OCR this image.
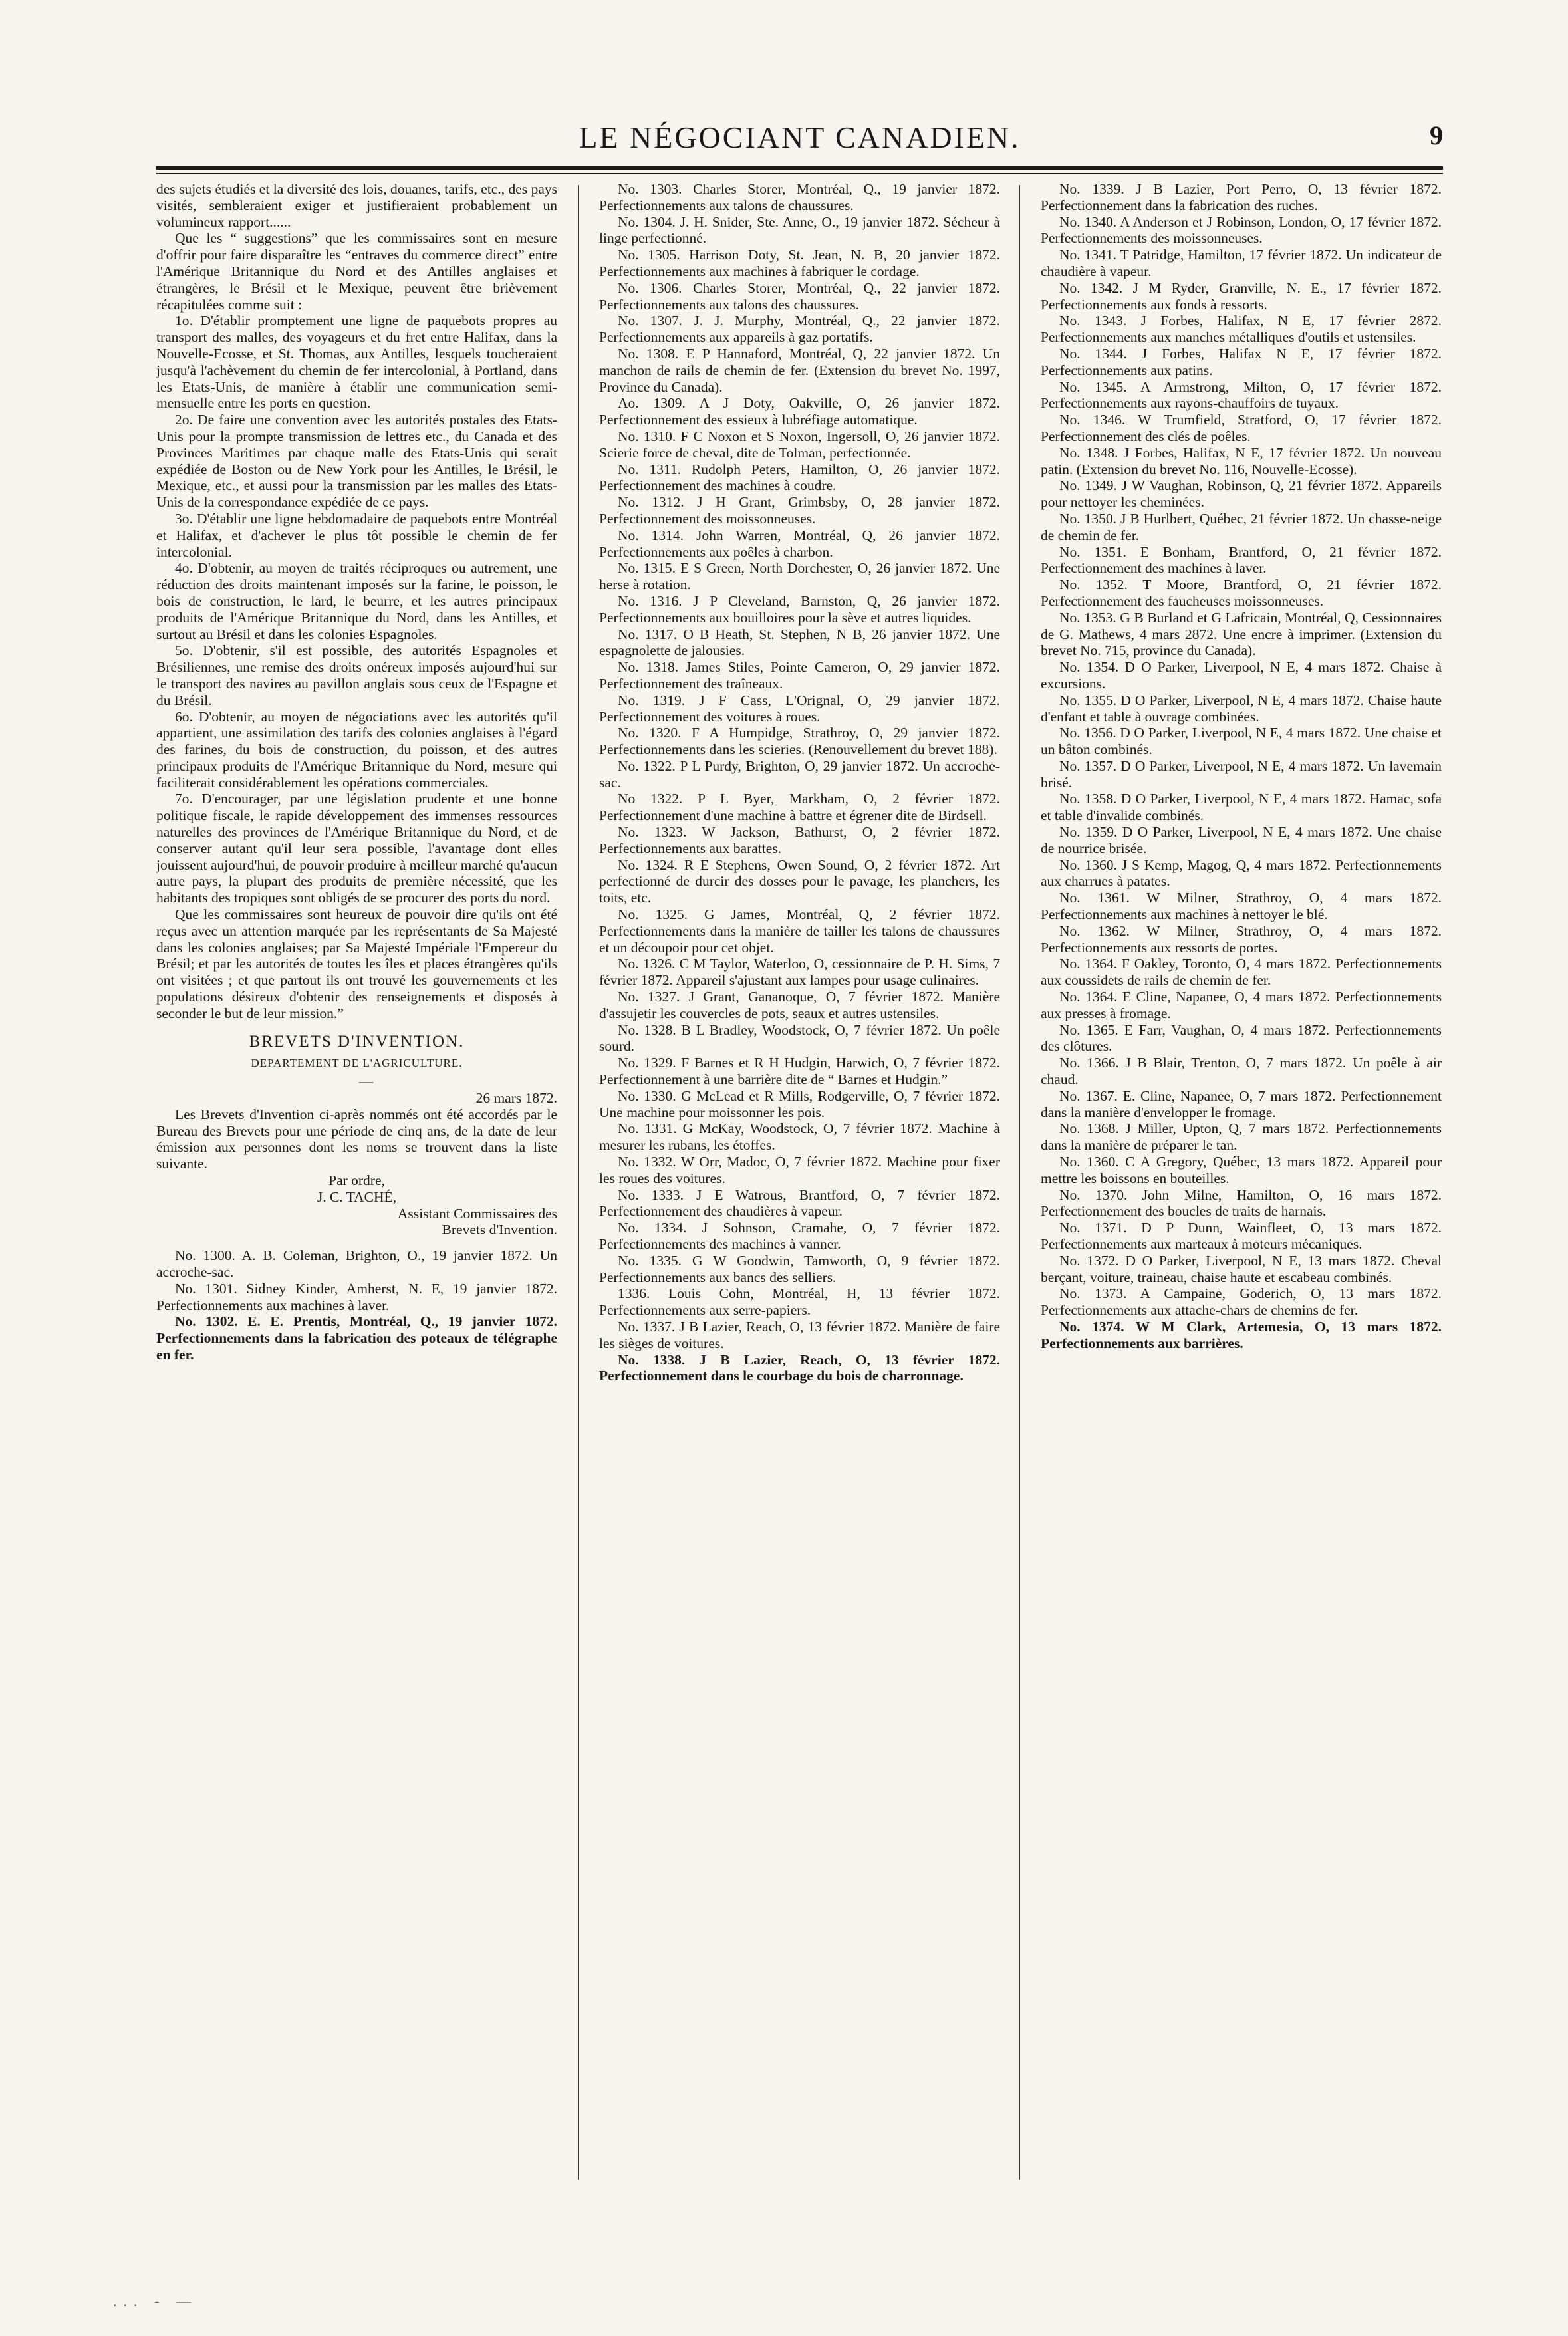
LE NÉGOCIANT CANADIEN.	9

des sujets étudiés et la diversité des lois, douanes, tarifs, etc., des pays visités, sembleraient exiger et justifieraient probablement un volumineux rapport......

Que les “ suggestions” que les commissaires sont en mesure d'offrir pour faire disparaître les “entraves du commerce direct” entre l'Amérique Britannique du Nord et des Antilles anglaises et étrangères, le Brésil et le Mexique, peuvent être brièvement récapitulées comme suit :

1o. D'établir promptement une ligne de paquebots propres au transport des malles, des voyageurs et du fret entre Halifax, dans la Nouvelle-Ecosse, et St. Thomas, aux Antilles, lesquels toucheraient jusqu'à l'achèvement du chemin de fer intercolonial, à Portland, dans les Etats-Unis, de manière à établir une communication semi-mensuelle entre les ports en question.

2o. De faire une convention avec les autorités postales des Etats-Unis pour la prompte transmission de lettres etc., du Canada et des Provinces Maritimes par chaque malle des Etats-Unis qui serait expédiée de Boston ou de New York pour les Antilles, le Brésil, le Mexique, etc., et aussi pour la transmission par les malles des Etats-Unis de la correspondance expédiée de ce pays.

3o. D'établir une ligne hebdomadaire de paquebots entre Montréal et Halifax, et d'achever le plus tôt possible le chemin de fer intercolonial.

4o. D'obtenir, au moyen de traités réciproques ou autrement, une réduction des droits maintenant imposés sur la farine, le poisson, le bois de construction, le lard, le beurre, et les autres principaux produits de l'Amérique Britannique du Nord, dans les Antilles, et surtout au Brésil et dans les colonies Espagnoles.

5o. D'obtenir, s'il est possible, des autorités Espagnoles et Brésiliennes, une remise des droits onéreux imposés aujourd'hui sur le transport des navires au pavillon anglais sous ceux de l'Espagne et du Brésil.

6o. D'obtenir, au moyen de négociations avec les autorités qu'il appartient, une assimilation des tarifs des colonies anglaises à l'égard des farines, du bois de construction, du poisson, et des autres principaux produits de l'Amérique Britannique du Nord, mesure qui faciliterait considérablement les opérations commerciales.

7o. D'encourager, par une législation prudente et une bonne politique fiscale, le rapide développement des immenses ressources naturelles des provinces de l'Amérique Britannique du Nord, et de conserver autant qu'il leur sera possible, l'avantage dont elles jouissent aujourd'hui, de pouvoir produire à meilleur marché qu'aucun autre pays, la plupart des produits de première nécessité, que les habitants des tropiques sont obligés de se procurer des ports du nord.

Que les commissaires sont heureux de pouvoir dire qu'ils ont été reçus avec un attention marquée par les représentants de Sa Majesté dans les colonies anglaises; par Sa Majesté Impériale l'Empereur du Brésil; et par les autorités de toutes les îles et places étrangères qu'ils ont visitées ; et que partout ils ont trouvé les gouvernements et les populations désireux d'obtenir des renseignements et disposés à seconder le but de leur mission.”

BREVETS D'INVENTION.
DEPARTEMENT DE L'AGRICULTURE.

—

26 mars 1872.

Les Brevets d'Invention ci-après nommés ont été accordés par le Bureau des Brevets pour une période de cinq ans, de la date de leur émission aux personnes dont les noms se trouvent dans la liste suivante.

Par ordre,

J. C. TACHÉ,

Assistant Commissaires des

Brevets d'Invention.

No. 1300. A. B. Coleman, Brighton, O., 19 janvier 1872. Un accroche-sac.

No. 1301. Sidney Kinder, Amherst, N. E, 19 janvier 1872. Perfectionnements aux machines à laver.

No. 1302. E. E. Prentis, Montréal, Q., 19 janvier 1872. Perfectionnements dans la fabrication des poteaux de télégraphe en fer.

No. 1303. Charles Storer, Montréal, Q., 19 janvier 1872. Perfectionnements aux talons de chaussures.

No. 1304. J. H. Snider, Ste. Anne, O., 19 janvier 1872. Sécheur à linge perfectionné.

No. 1305. Harrison Doty, St. Jean, N. B, 20 janvier 1872. Perfectionnements aux machines à fabriquer le cordage.

No. 1306. Charles Storer, Montréal, Q., 22 janvier 1872. Perfectionnements aux talons des chaussures.

No. 1307. J. J. Murphy, Montréal, Q., 22 janvier 1872. Perfectionnements aux appareils à gaz portatifs.

No. 1308. E P Hannaford, Montréal, Q, 22 janvier 1872. Un manchon de rails de chemin de fer. (Extension du brevet No. 1997, Province du Canada).

Ao. 1309. A J Doty, Oakville, O, 26 janvier 1872. Perfectionnement des essieux à lubréfiage automatique.

No. 1310. F C Noxon et S Noxon, Ingersoll, O, 26 janvier 1872. Scierie force de cheval, dite de Tolman, perfectionnée.

No. 1311. Rudolph Peters, Hamilton, O, 26 janvier 1872. Perfectionnement des machines à coudre.

No. 1312. J H Grant, Grimbsby, O, 28 janvier 1872. Perfectionnement des moissonneuses.

No. 1314. John Warren, Montréal, Q, 26 janvier 1872. Perfectionnements aux poêles à charbon.

No. 1315. E S Green, North Dorchester, O, 26 janvier 1872. Une herse à rotation.

No. 1316. J P Cleveland, Barnston, Q, 26 janvier 1872. Perfectionnements aux bouilloires pour la sève et autres liquides.

No. 1317. O B Heath, St. Stephen, N B, 26 janvier 1872. Une espagnolette de jalousies.

No. 1318. James Stiles, Pointe Cameron, O, 29 janvier 1872. Perfectionnement des traîneaux.

No. 1319. J F Cass, L'Orignal, O, 29 janvier 1872. Perfectionnement des voitures à roues.

No. 1320. F A Humpidge, Strathroy, O, 29 janvier 1872. Perfectionnements dans les scieries. (Renouvellement du brevet 188).

No. 1322. P L Purdy, Brighton, O, 29 janvier 1872. Un accroche-sac.

No 1322. P L Byer, Markham, O, 2 février 1872. Perfectionnement d'une machine à battre et égrener dite de Birdsell.

No. 1323. W Jackson, Bathurst, O, 2 février 1872. Perfectionnements aux barattes.

No. 1324. R E Stephens, Owen Sound, O, 2 février 1872. Art perfectionné de durcir des dosses pour le pavage, les planchers, les toits, etc.

No. 1325. G James, Montréal, Q, 2 février 1872. Perfectionnements dans la manière de tailler les talons de chaussures et un découpoir pour cet objet.

No. 1326. C M Taylor, Waterloo, O, cessionnaire de P. H. Sims, 7 février 1872. Appareil s'ajustant aux lampes pour usage culinaires.

No. 1327. J Grant, Gananoque, O, 7 février 1872. Manière d'assujetir les couvercles de pots, seaux et autres ustensiles.

No. 1328. B L Bradley, Woodstock, O, 7 février 1872. Un poêle sourd.

No. 1329. F Barnes et R H Hudgin, Harwich, O, 7 février 1872. Perfectionnement à une barrière dite de “ Barnes et Hudgin.”

No. 1330. G McLead et R Mills, Rodgerville, O, 7 février 1872. Une machine pour moissonner les pois.

No. 1331. G McKay, Woodstock, O, 7 février 1872. Machine à mesurer les rubans, les étoffes.

No. 1332. W Orr, Madoc, O, 7 février 1872. Machine pour fixer les roues des voitures.

No. 1333. J E Watrous, Brantford, O, 7 février 1872. Perfectionnement des chaudières à vapeur.

No. 1334. J Sohnson, Cramahe, O, 7 février 1872. Perfectionnements des machines à vanner.

No. 1335. G W Goodwin, Tamworth, O, 9 février 1872. Perfectionnements aux bancs des selliers.

1336. Louis Cohn, Montréal, H, 13 février 1872. Perfectionnements aux serre-papiers.

No. 1337. J B Lazier, Reach, O, 13 février 1872. Manière de faire les sièges de voitures.

No. 1338. J B Lazier, Reach, O, 13 février 1872. Perfectionnement dans le courbage du bois de charronnage.

No. 1339. J B Lazier, Port Perro, O, 13 février 1872. Perfectionnement dans la fabrication des ruches.

No. 1340. A Anderson et J Robinson, London, O, 17 février 1872. Perfectionnements des moissonneuses.

No. 1341. T Patridge, Hamilton, 17 février 1872. Un indicateur de chaudière à vapeur.

No. 1342. J M Ryder, Granville, N. E., 17 février 1872. Perfectionnements aux fonds à ressorts.

No. 1343. J Forbes, Halifax, N E, 17 février 2872. Perfectionnements aux manches métalliques d'outils et ustensiles.

No. 1344. J Forbes, Halifax N E, 17 février 1872. Perfectionnements aux patins.

No. 1345. A Armstrong, Milton, O, 17 février 1872. Perfectionnements aux rayons-chauffoirs de tuyaux.

No. 1346. W Trumfield, Stratford, O, 17 février 1872. Perfectionnement des clés de poêles.

No. 1348. J Forbes, Halifax, N E, 17 février 1872. Un nouveau patin. (Extension du brevet No. 116, Nouvelle-Ecosse).

No. 1349. J W Vaughan, Robinson, Q, 21 février 1872. Appareils pour nettoyer les cheminées.

No. 1350. J B Hurlbert, Québec, 21 février 1872. Un chasse-neige de chemin de fer.

No. 1351. E Bonham, Brantford, O, 21 février 1872. Perfectionnement des machines à laver.

No. 1352. T Moore, Brantford, O, 21 février 1872. Perfectionnement des faucheuses moissonneuses.

No. 1353. G B Burland et G Lafricain, Montréal, Q, Cessionnaires de G. Mathews, 4 mars 2872. Une encre à imprimer. (Extension du brevet No. 715, province du Canada).

No. 1354. D O Parker, Liverpool, N E, 4 mars 1872. Chaise à excursions.

No. 1355. D O Parker, Liverpool, N E, 4 mars 1872. Chaise haute d'enfant et table à ouvrage combinées.

No. 1356. D O Parker, Liverpool, N E, 4 mars 1872. Une chaise et un bâton combinés.

No. 1357. D O Parker, Liverpool, N E, 4 mars 1872. Un lavemain brisé.

No. 1358. D O Parker, Liverpool, N E, 4 mars 1872. Hamac, sofa et table d'invalide combinés.

No. 1359. D O Parker, Liverpool, N E, 4 mars 1872. Une chaise de nourrice brisée.

No. 1360. J S Kemp, Magog, Q, 4 mars 1872. Perfectionnements aux charrues à patates.

No. 1361. W Milner, Strathroy, O, 4 mars 1872. Perfectionnements aux machines à nettoyer le blé.

No. 1362. W Milner, Strathroy, O, 4 mars 1872. Perfectionnements aux ressorts de portes.

No. 1364. F Oakley, Toronto, O, 4 mars 1872. Perfectionnements aux coussidets de rails de chemin de fer.

No. 1364. E Cline, Napanee, O, 4 mars 1872. Perfectionnements aux presses à fromage.

No. 1365. E Farr, Vaughan, O, 4 mars 1872. Perfectionnements des clôtures.

No. 1366. J B Blair, Trenton, O, 7 mars 1872. Un poêle à air chaud.

No. 1367. E. Cline, Napanee, O, 7 mars 1872. Perfectionnement dans la manière d'envelopper le fromage.

No. 1368. J Miller, Upton, Q, 7 mars 1872. Perfectionnements dans la manière de préparer le tan.

No. 1360. C A Gregory, Québec, 13 mars 1872. Appareil pour mettre les boissons en bouteilles.

No. 1370. John Milne, Hamilton, O, 16 mars 1872. Perfectionnement des boucles de traits de harnais.

No. 1371. D P Dunn, Wainfleet, O, 13 mars 1872. Perfectionnements aux marteaux à moteurs mécaniques.

No. 1372. D O Parker, Liverpool, N E, 13 mars 1872. Cheval berçant, voiture, traineau, chaise haute et escabeau combinés.

No. 1373. A Campaine, Goderich, O, 13 mars 1872. Perfectionnements aux attache-chars de chemins de fer.

No. 1374. W M Clark, Artemesia, O, 13 mars 1872. Perfectionnements aux barrières.

... - —
